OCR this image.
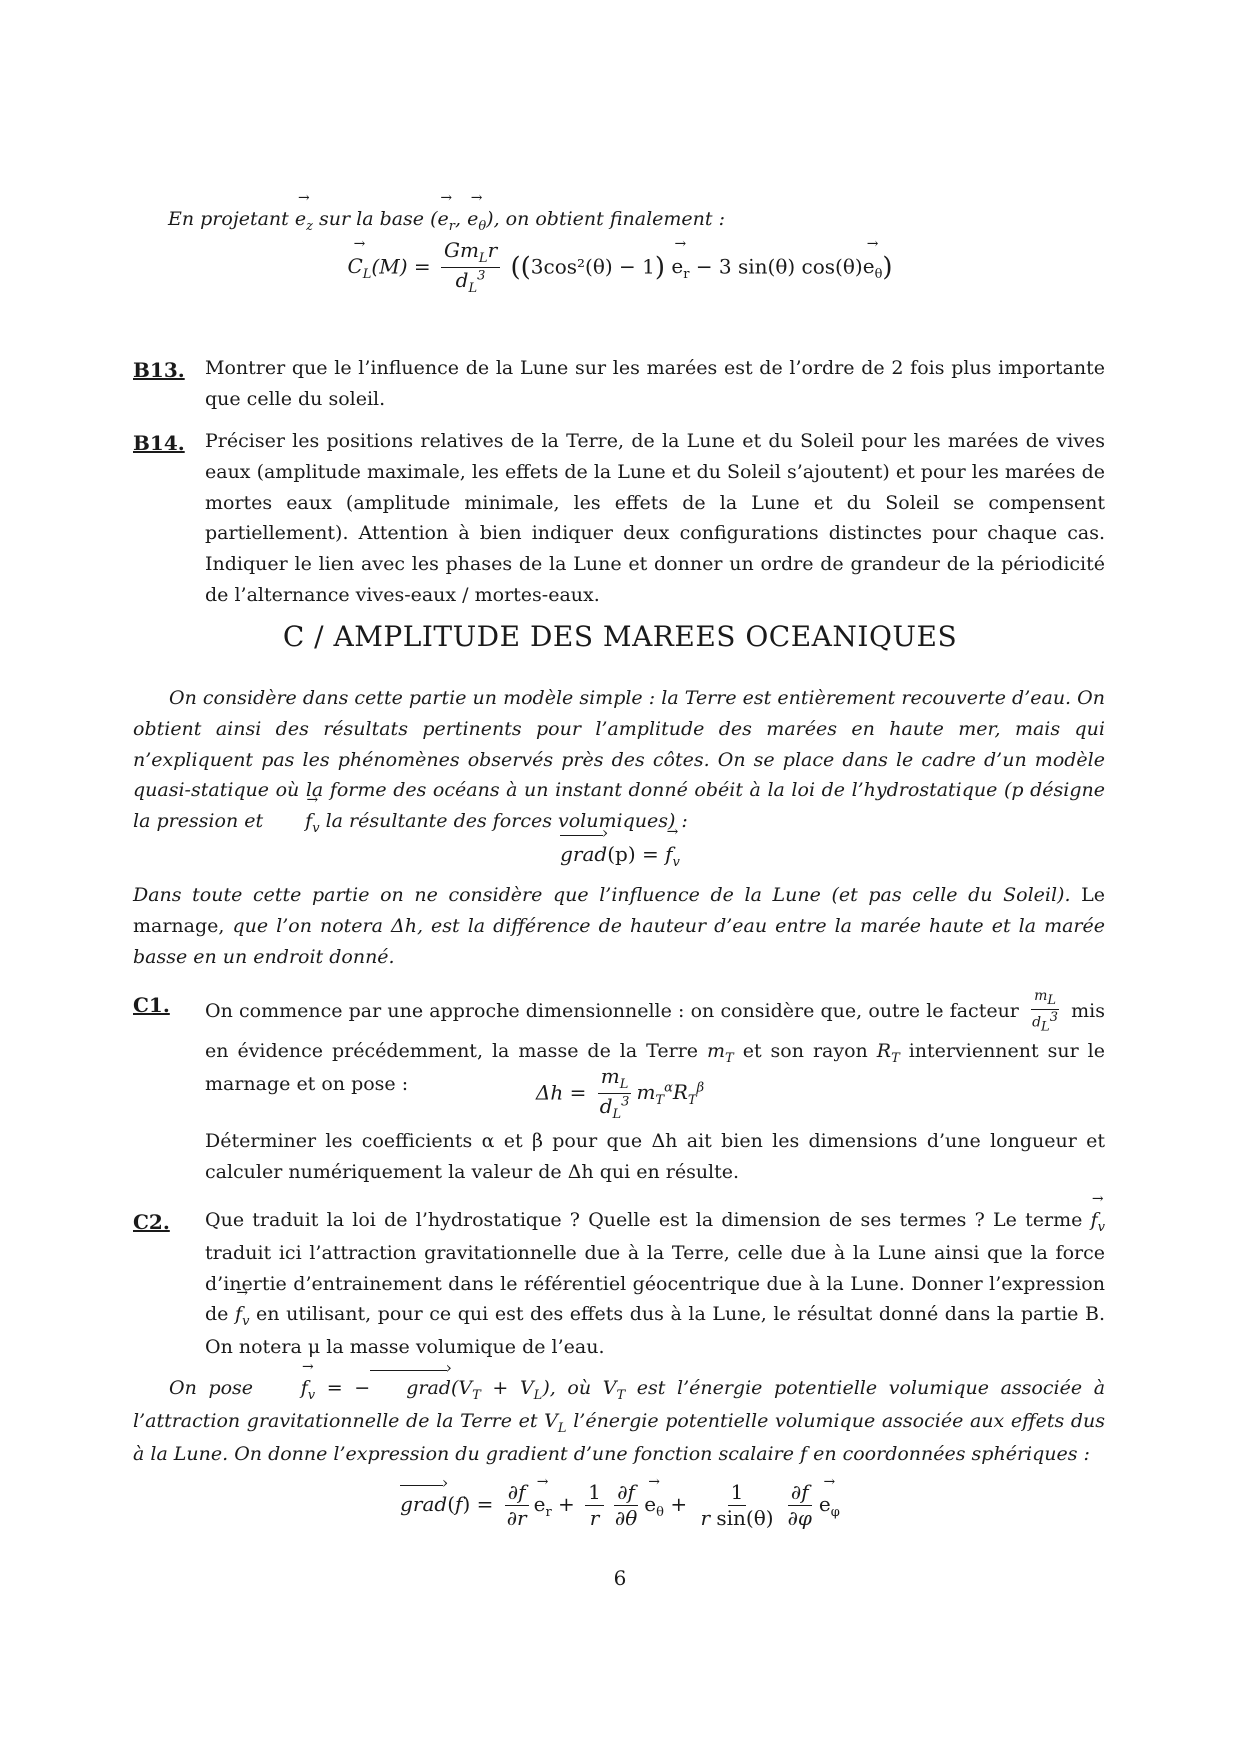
En projetant → $e_z$ sur la base (→ $e_r$, → $e_\theta$), on obtient finalement :
→ $C_L(M) = \frac{Gm_Lr}{d_L^3} ((3\cos^2(\theta) - 1) \to e_r - 3$ sin(θ) $\cos(\theta)\to e_\theta$)
B13. Montrer que le l’influence de la Lune sur les marées est de l’ordre de 2 fois plus importante que celle du soleil.
B14. Préciser les positions relatives de la Terre, de la Lune et du Soleil pour les marées de vives eaux (amplitude maximale, les effets de la Lune et du Soleil s’ajoutent) et pour les marées de mortes eaux (amplitude minimale, les effets de la Lune et du Soleil se compensent partiellement). Attention à bien indiquer deux configurations distinctes pour chaque cas. Indiquer le lien avec les phases de la Lune et donner un ordre de grandeur de la périodicité de l’alternance vives-eaux / mortes-eaux.
C / AMPLITUDE DES MAREES OCEANIQUES
On considère dans cette partie un modèle simple : la Terre est entièrement recouverte d’eau. On obtient ainsi des résultats pertinents pour l’amplitude des marées en haute mer, mais qui n’expliquent pas les phénomènes observés près des côtes. On se place dans le cadre d’un modèle quasi-statique où la forme des océans à un instant donné obéit à la loi de l’hydrostatique (p désigne la pression et → $f_v$ la résultante des forces volumiques) :
grad ›(p) = → $f_v$
Dans toute cette partie on ne considère que l’influence de la Lune (et pas celle du Soleil). Le marnage, que l’on notera Δh, est la différence de hauteur d’eau entre la marée haute et la marée basse en un endroit donné.
C1. On commence par une approche dimensionnelle : on considère que, outre le facteur $\frac{m_L}{d_L^3}$ mis en évidence précédemment, la masse de la Terre $m_T$ et son rayon $R_T$ interviennent sur le marnage et on pose :	$\Delta h = \frac{m_L}{d_L^3} m_T^\alpha R_T^\beta$
Déterminer les coefficients α et β pour que Δh ait bien les dimensions d’une longueur et calculer numériquement la valeur de Δh qui en résulte.
C2. Que traduit la loi de l’hydrostatique ? Quelle est la dimension de ses termes ? Le terme → $f_v$ traduit ici l’attraction gravitationnelle due à la Terre, celle due à la Lune ainsi que la force d’inertie d’entrainement dans le référentiel géocentrique due à la Lune. Donner l’expression de → $f_v$ en utilisant, pour ce qui est des effets dus à la Lune, le résultat donné dans la partie B. On notera μ la masse volumique de l’eau.
On pose →	$f_v$ = − grad $›(V_T + V_L)$, où $V_T$ est l’énergie potentielle volumique associée à l’attraction gravitationnelle de la Terre et $V_L$ l’énergie potentielle volumique associée aux effets dus à la Lune. On donne l’expression du gradient d’une fonction scalaire f en coordonnées sphériques :
grad ›(f) = $\frac{\partial f}{\partial r}$
→ $e_r + \frac{1}{r} \frac{\partial f}{\partial\theta}$
→ $e_\theta + \frac{1}{\text{r sin(θ)}} \frac{\partial f}{\partial\varphi}$
→ $e_\varphi$
6
